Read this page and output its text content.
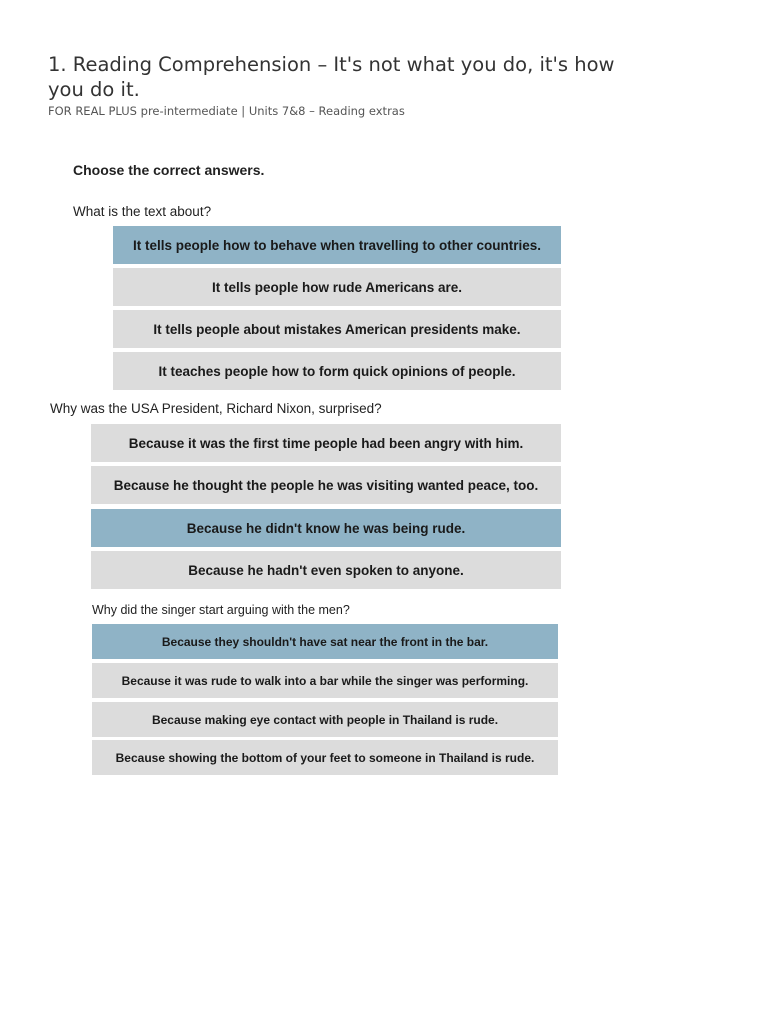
1. Reading Comprehension – It's not what you do, it's how you do it.

FOR REAL PLUS pre-intermediate | Units 7&8 – Reading extras

Choose the correct answers.

What is the text about?

It tells people how to behave when travelling to other countries.
It tells people how rude Americans are.
It tells people about mistakes American presidents make.
It teaches people how to form quick opinions of people.

Why was the USA President, Richard Nixon, surprised?

Because it was the first time people had been angry with him.
Because he thought the people he was visiting wanted peace, too.
Because he didn't know he was being rude.
Because he hadn't even spoken to anyone.

Why did the singer start arguing with the men?

Because they shouldn't have sat near the front in the bar.
Because it was rude to walk into a bar while the singer was performing.
Because making eye contact with people in Thailand is rude.
Because showing the bottom of your feet to someone in Thailand is rude.
